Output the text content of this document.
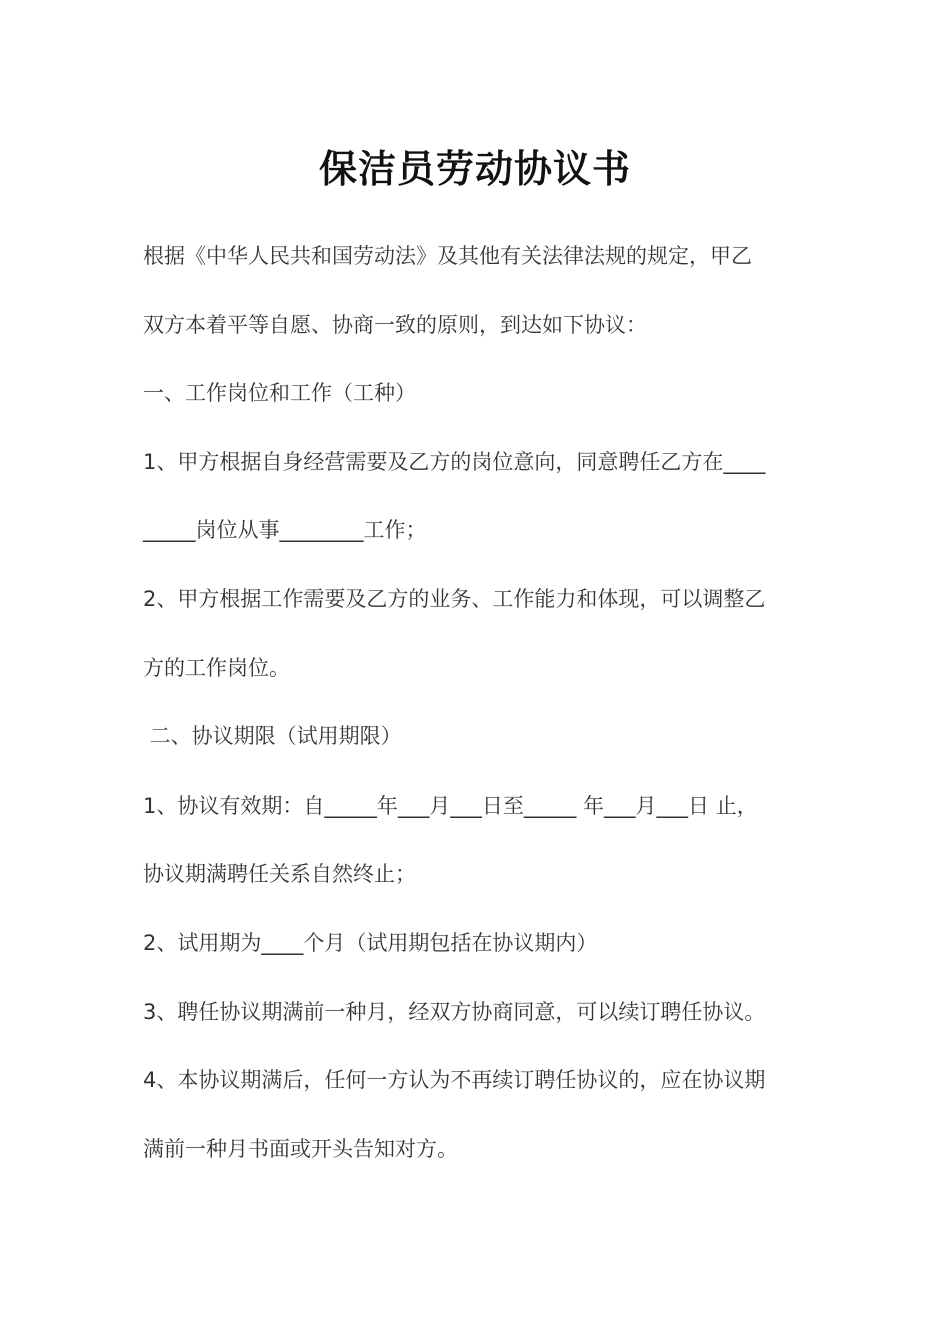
保洁员劳动协议书
根据《中华人民共和国劳动法》及其他有关法律法规的规定，甲乙
双方本着平等自愿、协商一致的原则，到达如下协议：
一、工作岗位和工作（工种）
1、甲方根据自身经营需要及乙方的岗位意向，同意聘任乙方在____
_____岗位从事________工作；
2、甲方根据工作需要及乙方的业务、工作能力和体现，可以调整乙
方的工作岗位。
二、协议期限（试用期限）
1、协议有效期：自_____年___月___日至_____ 年___月___日 止，
协议期满聘任关系自然终止；
2、试用期为____个月（试用期包括在协议期内）
3、聘任协议期满前一种月，经双方协商同意，可以续订聘任协议。
4、本协议期满后，任何一方认为不再续订聘任协议的，应在协议期
满前一种月书面或开头告知对方。
